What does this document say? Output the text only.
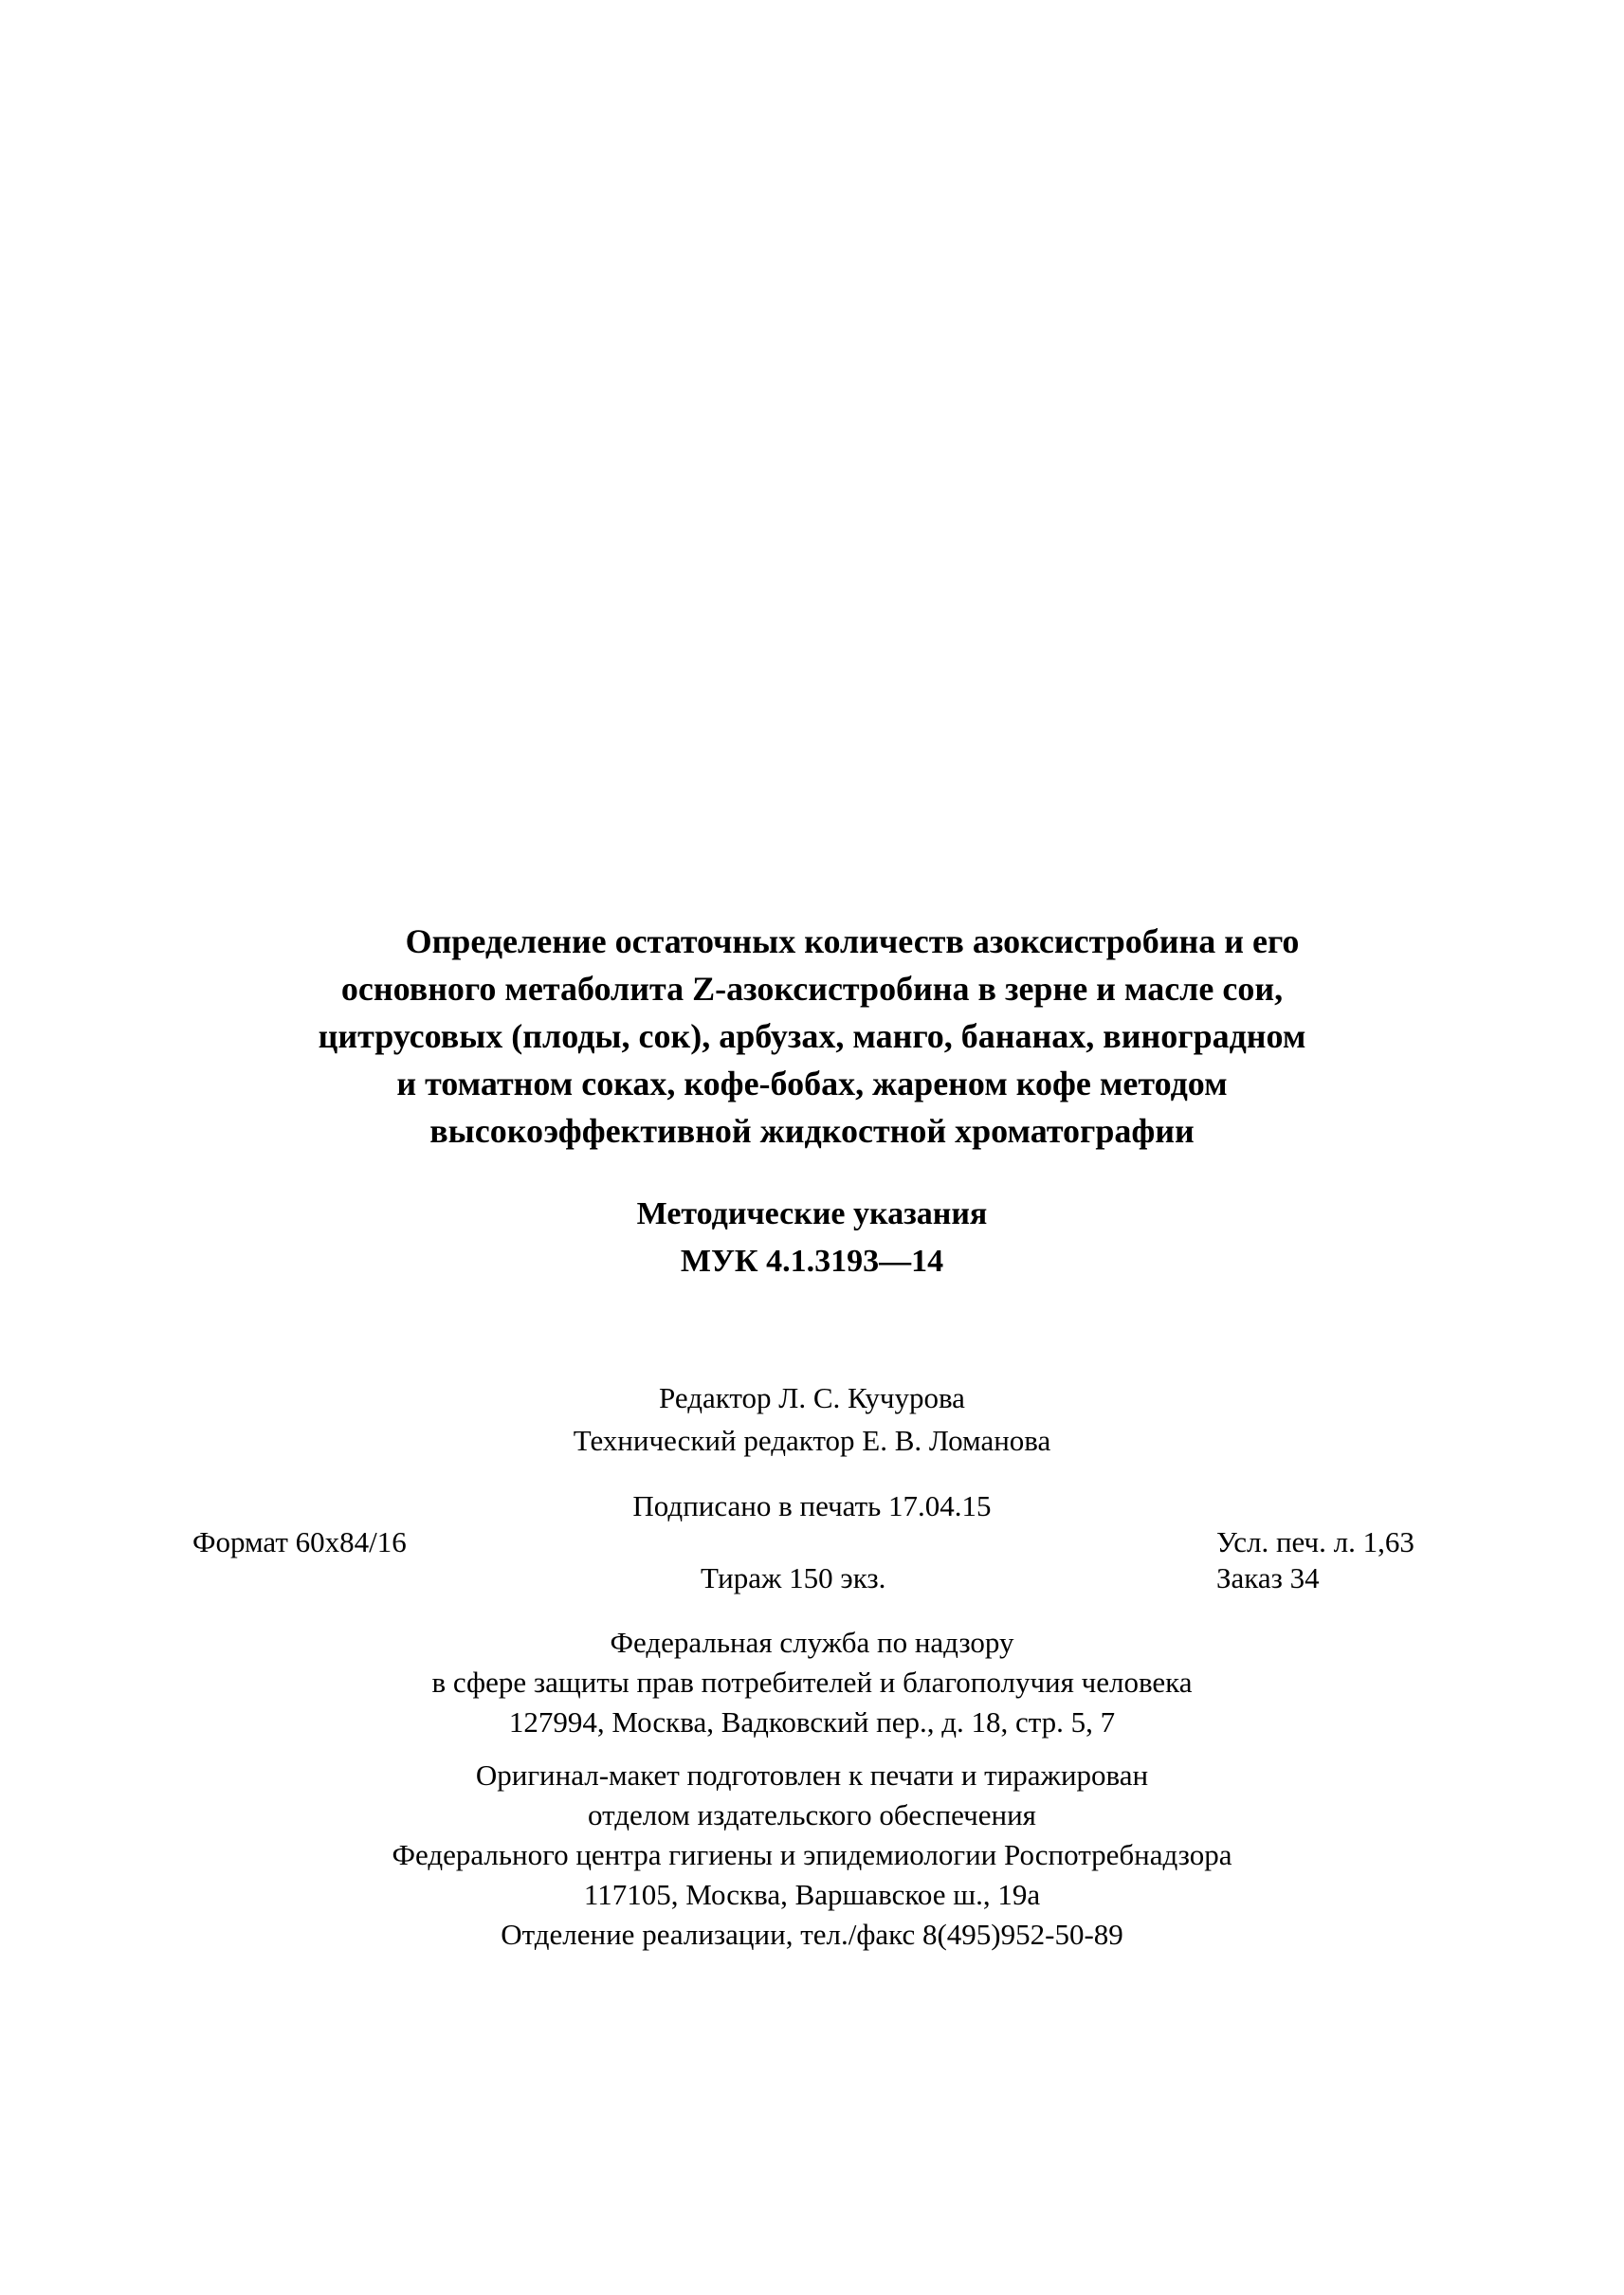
Определение остаточных количеств азоксистробина и его
основного метаболита Z-азоксистробина в зерне и масле сои,
цитрусовых (плоды, сок), арбузах, манго, бананах, виноградном
и томатном соках, кофе-бобах, жареном кофе методом
высокоэффективной жидкостной хроматографии
Методические указания
МУК 4.1.3193—14
Редактор Л. С. Кучурова
Технический редактор Е. В. Ломанова
Подписано в печать 17.04.15
Формат 60x84/16	Усл. печ. л. 1,63
Тираж 150 экз.	Заказ 34
Федеральная служба по надзору
в сфере защиты прав потребителей и благополучия человека
127994, Москва, Вадковский пер., д. 18, стр. 5, 7
Оригинал-макет подготовлен к печати и тиражирован
отделом издательского обеспечения
Федерального центра гигиены и эпидемиологии Роспотребнадзора
117105, Москва, Варшавское ш., 19а
Отделение реализации, тел./факс 8(495)952-50-89
